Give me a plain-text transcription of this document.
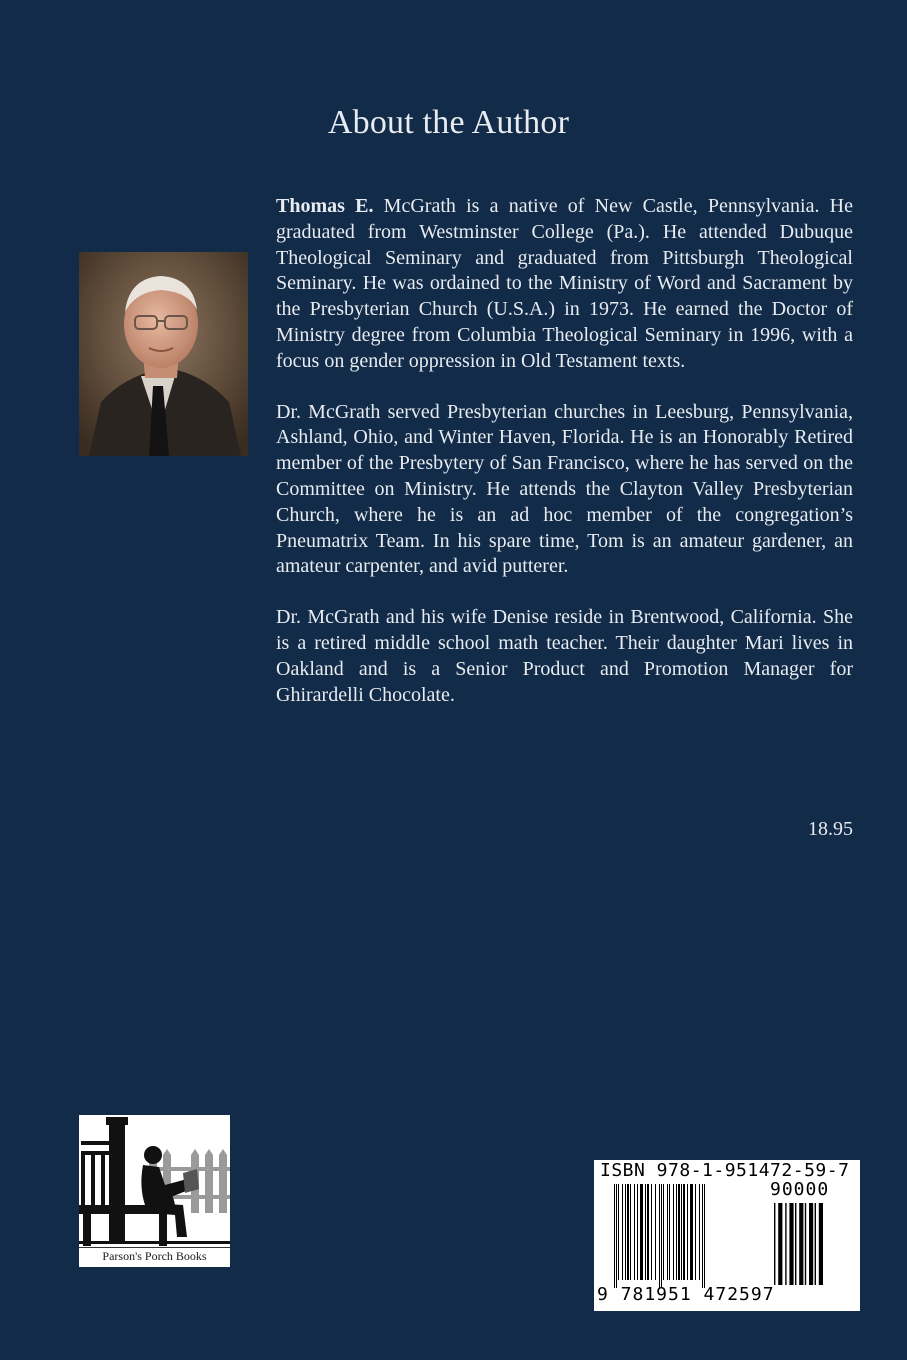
About the Author

Thomas E. McGrath is a native of New Castle, Pennsylvania. He graduated from Westminster College (Pa.). He attended Dubuque Theological Seminary and graduated from Pittsburgh Theological Seminary. He was ordained to the Ministry of Word and Sacrament by the Presbyterian Church (U.S.A.) in 1973. He earned the Doctor of Ministry degree from Columbia Theological Seminary in 1996, with a focus on gender oppression in Old Testament texts.

Dr. McGrath served Presbyterian churches in Leesburg, Pennsylvania, Ashland, Ohio, and Winter Haven, Florida. He is an Honorably Retired member of the Presbytery of San Francisco, where he has served on the Committee on Ministry. He attends the Clayton Valley Presbyterian Church, where he is an ad hoc member of the congregation’s Pneumatrix Team. In his spare time, Tom is an amateur gardener, an amateur carpenter, and avid putterer.

Dr. McGrath and his wife Denise reside in Brentwood, California. She is a retired middle school math teacher. Their daughter Mari lives in Oakland and is a Senior Product and Promotion Manager for Ghirardelli Chocolate.

18.95
Parson's Porch Books
ISBN 978-1-951472-59-7
90000
9 781951 472597
